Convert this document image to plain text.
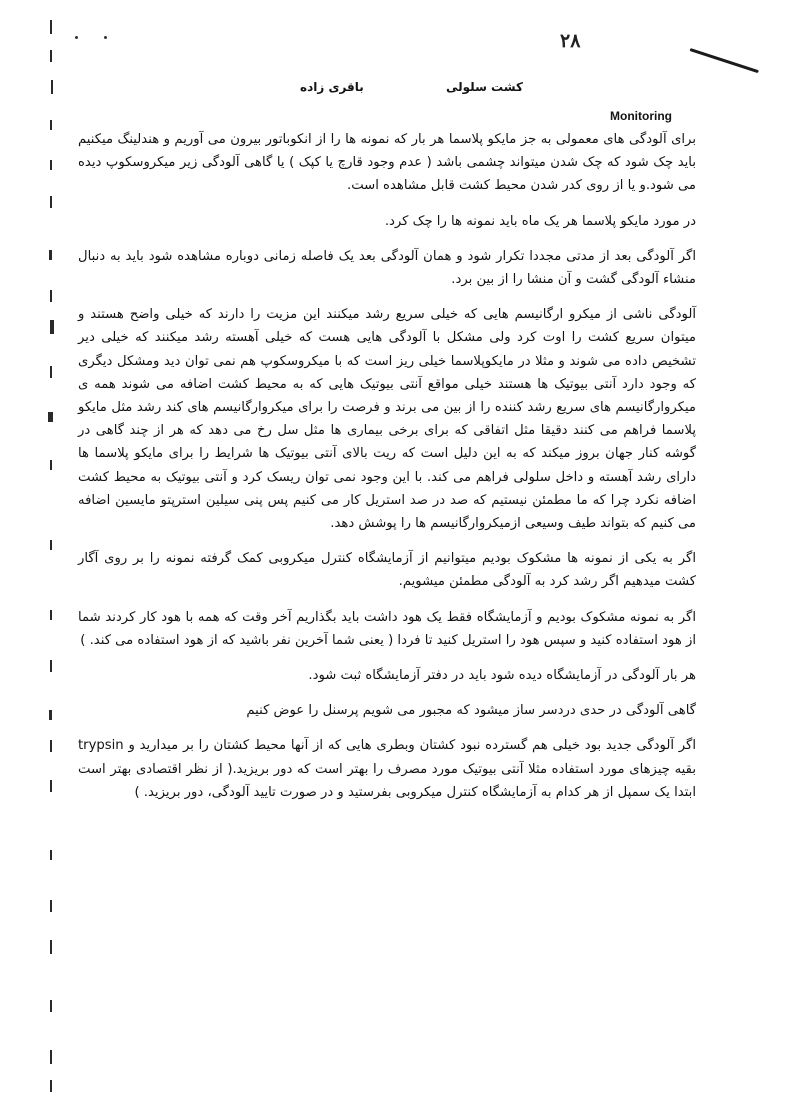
۲۸
باقری زاده	کشت سلولی
Monitoring

برای آلودگی های معمولی به جز مایکو پلاسما هر بار که نمونه ها را از انکوباتور بیرون می آوریم و هندلینگ میکنیم باید چک شود که چک شدن میتواند چشمی باشد ( عدم وجود قارچ یا کپک ) یا گاهی آلودگی زیر میکروسکوپ دیده می شود.و یا از روی کدر شدن محیط کشت قابل مشاهده است.

در مورد مایکو پلاسما هر یک ماه باید نمونه ها را چک کرد.

اگر آلودگی بعد از مدتی مجددا تکرار شود و همان آلودگی بعد یک فاصله زمانی دوباره مشاهده شود باید به دنبال منشاء آلودگی گشت و آن منشا را از بین برد.

آلودگی ناشی از میکرو ارگانیسم هایی که خیلی سریع رشد میکنند این مزیت را دارند که خیلی واضح هستند و میتوان سریع کشت را اوت کرد ولی مشکل با آلودگی هایی هست که خیلی آهسته رشد میکنند که خیلی دیر تشخیص داده می شوند و مثلا در مایکوپلاسما خیلی ریز است که با میکروسکوپ هم نمی توان دید ومشکل دیگری که وجود دارد آنتی بیوتیک ها هستند خیلی مواقع آنتی بیوتیک هایی که به محیط کشت اضافه می شوند همه ی میکروارگانیسم های سریع رشد کننده را از بین می برند و فرصت را برای میکروارگانیسم های کند رشد مثل مایکو پلاسما فراهم می کنند دقیقا مثل اتفاقی که برای برخی بیماری ها مثل سل رخ می دهد که هر از چند گاهی در گوشه کنار جهان بروز میکند که به این دلیل است که ریت بالای آنتی بیوتیک ها شرایط را برای مایکو پلاسما ها دارای رشد آهسته و داخل سلولی فراهم می کند. با این وجود نمی توان ریسک کرد و آنتی بیوتیک به محیط کشت اضافه نکرد چرا که ما مطمئن نیستیم که صد در صد استریل کار می کنیم پس پنی سیلین استرپتو مایسین اضافه می کنیم که بتواند طیف وسیعی ازمیکروارگانیسم ها را پوشش دهد.

اگر به یکی از نمونه ها مشکوک بودیم میتوانیم از آزمایشگاه کنترل میکروبی کمک گرفته نمونه را بر روی آگار کشت میدهیم اگر رشد کرد به آلودگی مطمئن میشویم.

اگر به نمونه مشکوک بودیم و آزمایشگاه فقط یک هود داشت باید بگذاریم آخر وقت که همه با هود کار کردند شما از هود استفاده کنید و سپس هود را استریل کنید تا فردا ( یعنی شما آخرین نفر باشید که از هود استفاده می کند. )

هر بار آلودگی در آزمایشگاه دیده شود باید در دفتر آزمایشگاه ثبت شود.

گاهی آلودگی در حدی دردسر ساز میشود که مجبور می شویم پرسنل را عوض کنیم

اگر آلودگی جدید بود خیلی هم گسترده نبود کشتان وبطری هایی که از آنها محیط کشتان را بر میدارید و trypsin بقیه چیزهای مورد استفاده مثلا آنتی بیوتیک مورد مصرف را بهتر است که دور بریزید.( از نظر اقتصادی بهتر است ابتدا یک سمپل از هر کدام به آزمایشگاه کنترل میکروبی بفرستید و در صورت تایید آلودگی، دور بریزید. )
